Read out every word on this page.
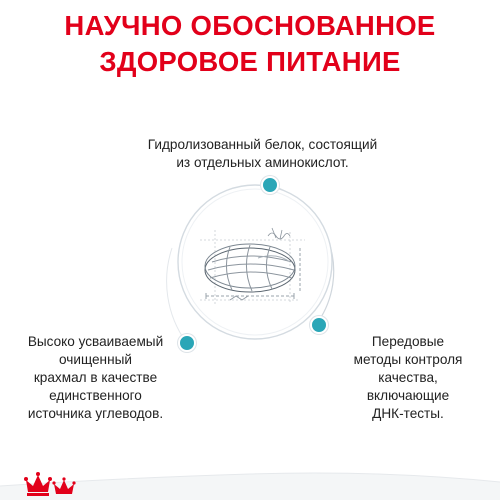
НАУЧНО ОБОСНОВАННОЕ
ЗДОРОВОЕ ПИТАНИЕ
Гидролизованный белок, состоящий
из отдельных аминокислот.
Высоко усваиваемый
очищенный
крахмал в качестве
единственного
источника углеводов.
Передовые
методы контроля
качества,
включающие
ДНК-тесты.
